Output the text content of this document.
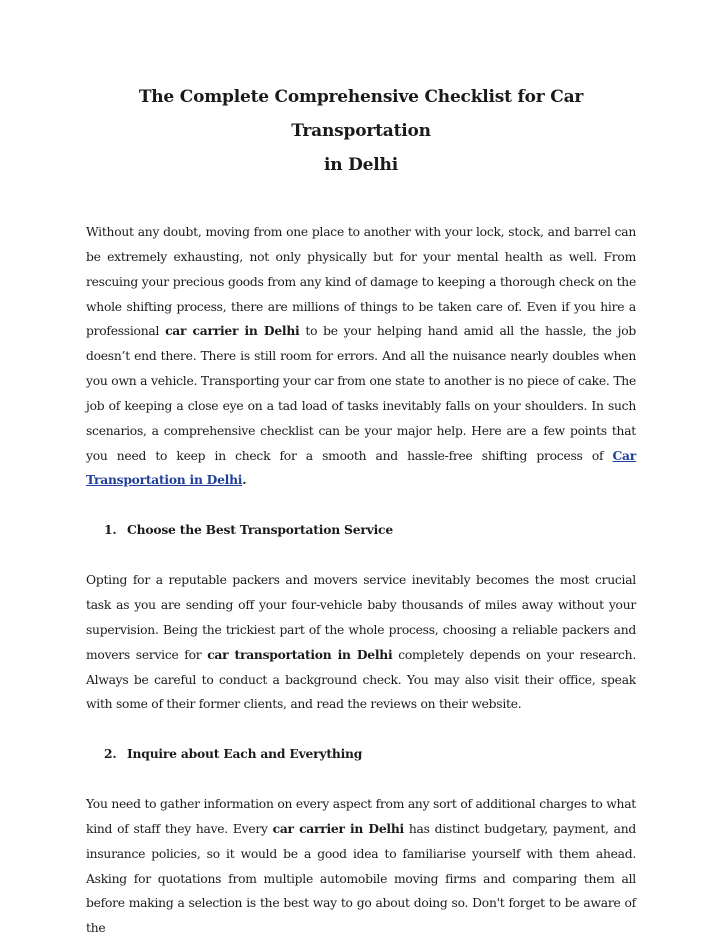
The Complete Comprehensive Checklist for Car Transportation
in Delhi

Without any doubt, moving from one place to another with your lock, stock, and barrel can be extremely exhausting, not only physically but for your mental health as well. From rescuing your precious goods from any kind of damage to keeping a thorough check on the whole shifting process, there are millions of things to be taken care of. Even if you hire a professional car carrier in Delhi to be your helping hand amid all the hassle, the job doesn’t end there. There is still room for errors. And all the nuisance nearly doubles when you own a vehicle. Transporting your car from one state to another is no piece of cake. The job of keeping a close eye on a tad load of tasks inevitably falls on your shoulders. In such scenarios, a comprehensive checklist can be your major help. Here are a few points that you need to keep in check for a smooth and hassle-free shifting process of Car Transportation in Delhi.

1. Choose the Best Transportation Service

Opting for a reputable packers and movers service inevitably becomes the most crucial task as you are sending off your four-vehicle baby thousands of miles away without your supervision. Being the trickiest part of the whole process, choosing a reliable packers and movers service for car transportation in Delhi completely depends on your research. Always be careful to conduct a background check. You may also visit their office, speak with some of their former clients, and read the reviews on their website.

2. Inquire about Each and Everything

You need to gather information on every aspect from any sort of additional charges to what kind of staff they have. Every car carrier in Delhi has distinct budgetary, payment, and insurance policies, so it would be a good idea to familiarise yourself with them ahead. Asking for quotations from multiple automobile moving firms and comparing them all before making a selection is the best way to go about doing so. Don't forget to be aware of the
